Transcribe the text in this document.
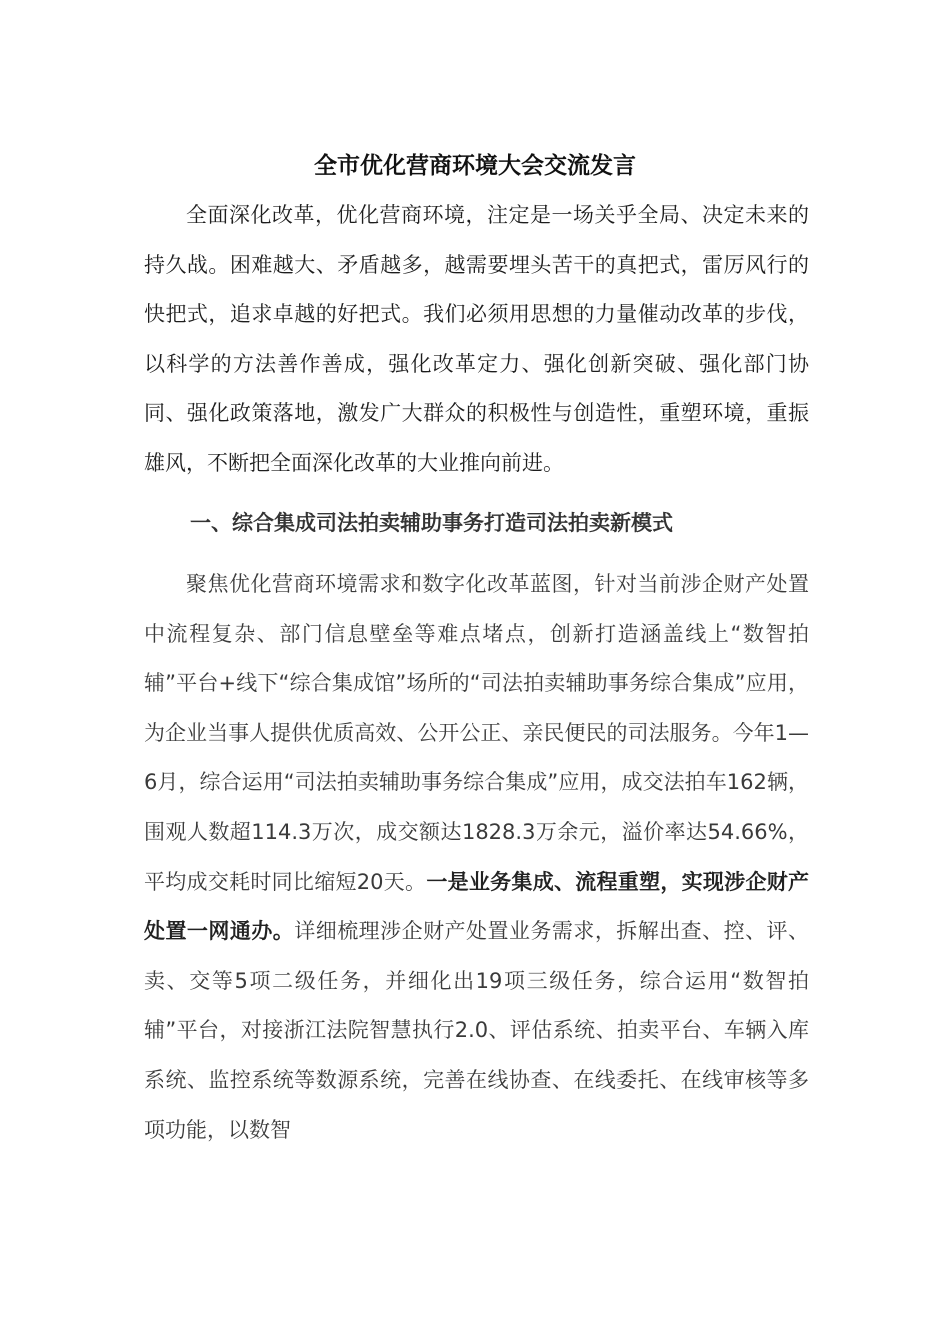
全市优化营商环境大会交流发言

全面深化改革，优化营商环境，注定是一场关乎全局、决定未来的持久战。困难越大、矛盾越多，越需要埋头苦干的真把式，雷厉风行的快把式，追求卓越的好把式。我们必须用思想的力量催动改革的步伐，以科学的方法善作善成，强化改革定力、强化创新突破、强化部门协同、强化政策落地，激发广大群众的积极性与创造性，重塑环境，重振雄风，不断把全面深化改革的大业推向前进。

一、综合集成司法拍卖辅助事务打造司法拍卖新模式

聚焦优化营商环境需求和数字化改革蓝图，针对当前涉企财产处置中流程复杂、部门信息壁垒等难点堵点，创新打造涵盖线上“数智拍辅”平台+线下“综合集成馆”场所的“司法拍卖辅助事务综合集成”应用，为企业当事人提供优质高效、公开公正、亲民便民的司法服务。今年1—6月，综合运用“司法拍卖辅助事务综合集成”应用，成交法拍车162辆，围观人数超114.3万次，成交额达1828.3万余元，溢价率达54.66%，平均成交耗时同比缩短20天。一是业务集成、流程重塑，实现涉企财产处置一网通办。详细梳理涉企财产处置业务需求，拆解出查、控、评、卖、交等5项二级任务，并细化出19项三级任务，综合运用“数智拍辅”平台，对接浙江法院智慧执行2.0、评估系统、拍卖平台、车辆入库系统、监控系统等数源系统，完善在线协查、在线委托、在线审核等多项功能，以数智
